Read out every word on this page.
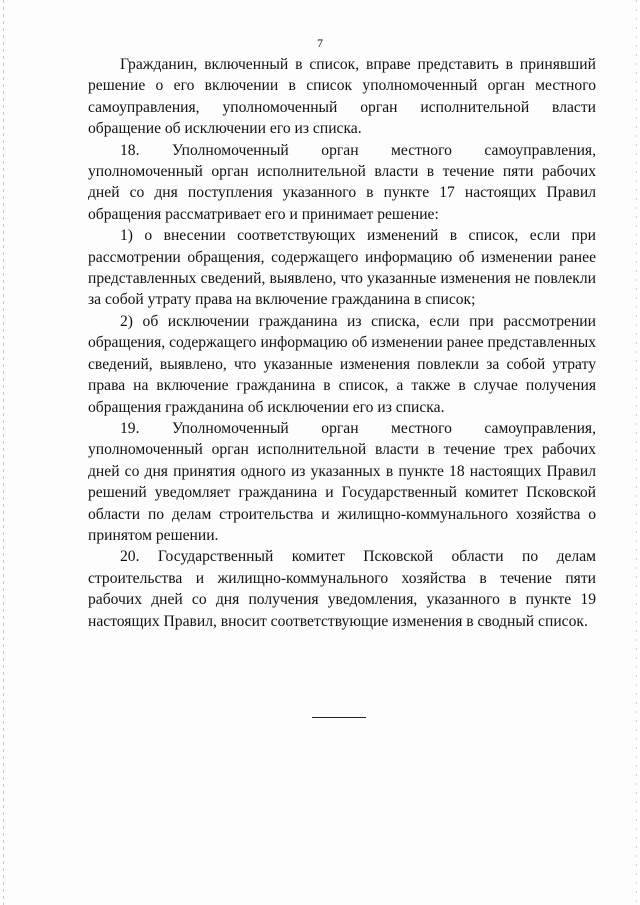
7

Гражданин, включенный в список, вправе представить в принявший решение о его включении в список уполномоченный орган местного самоуправления, уполномоченный орган исполнительной власти обращение об исключении его из списка.

18. Уполномоченный орган местного самоуправления, уполномоченный орган исполнительной власти в течение пяти рабочих дней со дня поступления указанного в пункте 17 настоящих Правил обращения рассматривает его и принимает решение:

1) о внесении соответствующих изменений в список, если при рассмотрении обращения, содержащего информацию об изменении ранее представленных сведений, выявлено, что указанные изменения не повлекли за собой утрату права на включение гражданина в список;

2) об исключении гражданина из списка, если при рассмотрении обращения, содержащего информацию об изменении ранее представленных сведений, выявлено, что указанные изменения повлекли за собой утрату права на включение гражданина в список, а также в случае получения обращения гражданина об исключении его из списка.

19. Уполномоченный орган местного самоуправления, уполномоченный орган исполнительной власти в течение трех рабочих дней со дня принятия одного из указанных в пункте 18 настоящих Правил решений уведомляет гражданина и Государственный комитет Псковской области по делам строительства и жилищно-коммунального хозяйства о принятом решении.

20. Государственный комитет Псковской области по делам строительства и жилищно-коммунального хозяйства в течение пяти рабочих дней со дня получения уведомления, указанного в пункте 19 настоящих Правил, вносит соответствующие изменения в сводный список.
